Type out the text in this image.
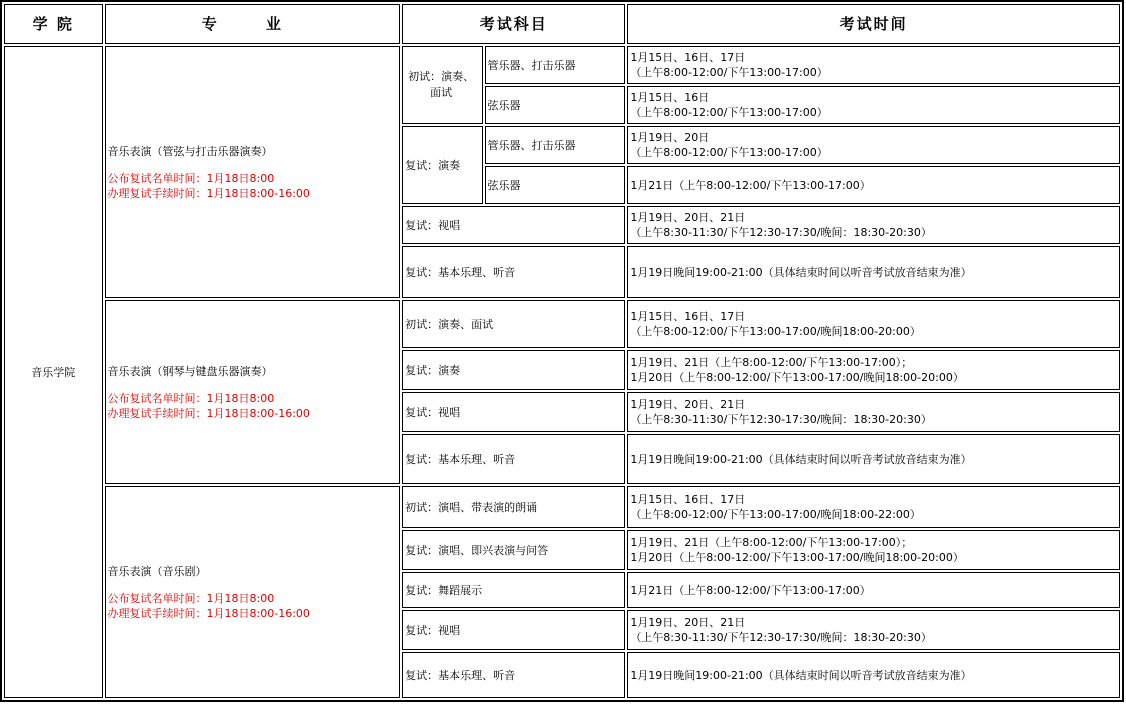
学 院	专 业	考试科目		考试时间
音乐学院	音乐表演（管弦与打击乐器演奏）
公布复试名单时间：1月18日8:00
办理复试手续时间：1月18日8:00-16:00	初试：演奏、面试	管乐器、打击乐器	1月15日、16日、17日
（上午8:00-12:00/下午13:00-17:00）

			弦乐器	1月15日、16日
（上午8:00-12:00/下午13:00-17:00）

		复试：演奏	管乐器、打击乐器	1月19日、20日
（上午8:00-12:00/下午13:00-17:00）

			弦乐器	1月21日（上午8:00-12:00/下午13:00-17:00）

		复试：视唱		1月19日、20日、21日
（上午8:30-11:30/下午12:30-17:30/晚间：18:30-20:30）

		复试：基本乐理、听音		1月19日晚间19:00-21:00（具体结束时间以听音考试放音结束为准）

	音乐表演（钢琴与键盘乐器演奏）
公布复试名单时间：1月18日8:00
办理复试手续时间：1月18日8:00-16:00	初试：演奏、面试		1月15日、16日、17日
（上午8:00-12:00/下午13:00-17:00/晚间18:00-20:00）

		复试：演奏		1月19日、21日（上午8:00-12:00/下午13:00-17:00）；
1月20日（上午8:00-12:00/下午13:00-17:00/晚间18:00-20:00）

		复试：视唱		1月19日、20日、21日
（上午8:30-11:30/下午12:30-17:30/晚间：18:30-20:30）

		复试：基本乐理、听音		1月19日晚间19:00-21:00（具体结束时间以听音考试放音结束为准）

	音乐表演（音乐剧）
公布复试名单时间：1月18日8:00
办理复试手续时间：1月18日8:00-16:00	初试：演唱、带表演的朗诵		1月15日、16日、17日
（上午8:00-12:00/下午13:00-17:00/晚间18:00-22:00）

		复试：演唱、即兴表演与问答		1月19日、21日（上午8:00-12:00/下午13:00-17:00）；
1月20日（上午8:00-12:00/下午13:00-17:00/晚间18:00-20:00）

		复试：舞蹈展示		1月21日（上午8:00-12:00/下午13:00-17:00）

		复试：视唱		1月19日、20日、21日
（上午8:30-11:30/下午12:30-17:30/晚间：18:30-20:30）

		复试：基本乐理、听音		1月19日晚间19:00-21:00（具体结束时间以听音考试放音结束为准）
